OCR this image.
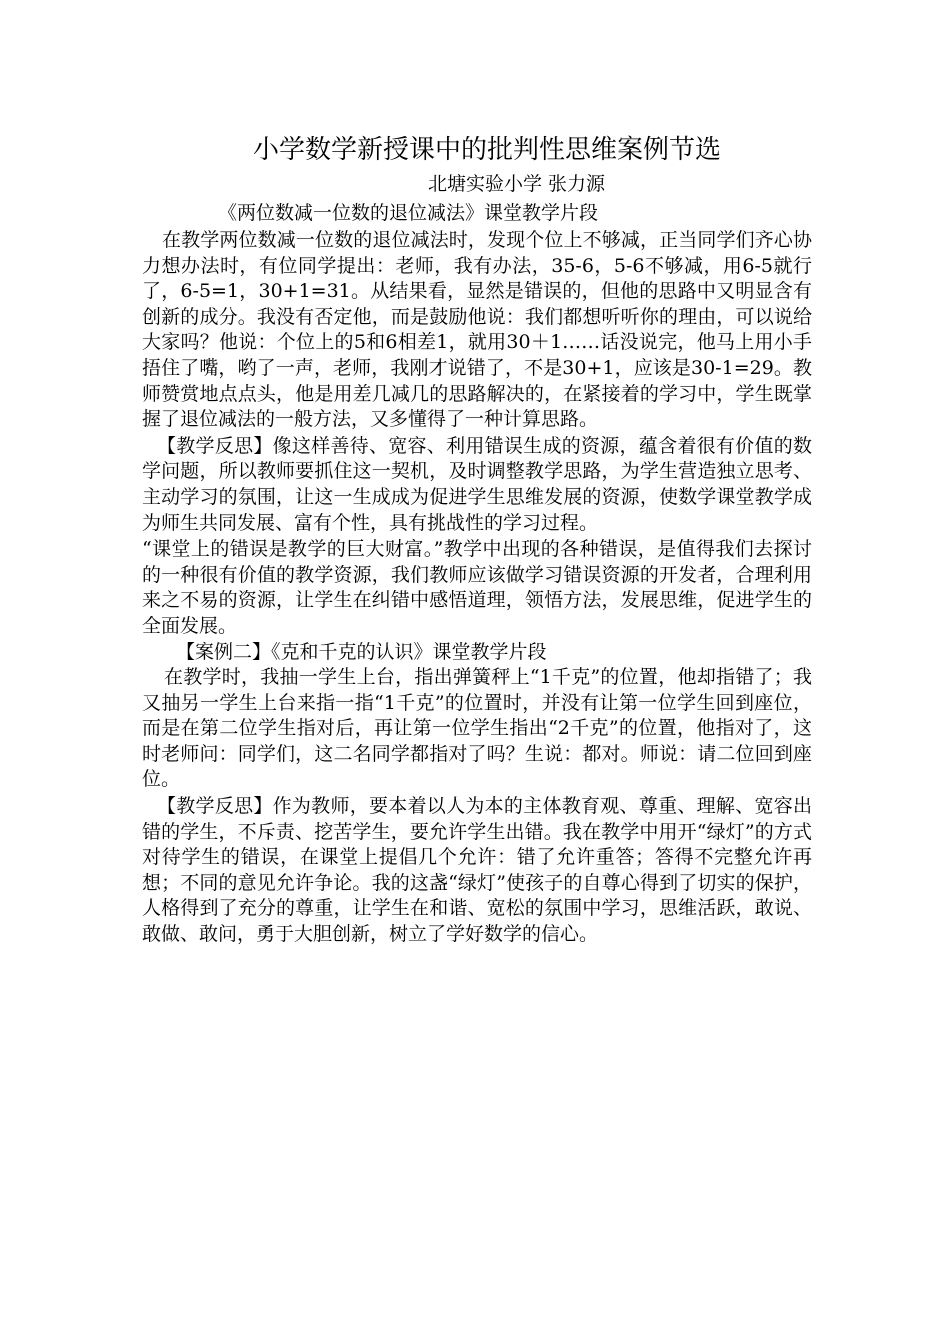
小学数学新授课中的批判性思维案例节选

北塘实验小学 张力源

《两位数减一位数的退位减法》课堂教学片段

在教学两位数减一位数的退位减法时，发现个位上不够减，正当同学们齐心协力想办法时，有位同学提出：老师，我有办法，35-6，5-6不够减，用6-5就行了，6-5=1，30+1=31。从结果看，显然是错误的，但他的思路中又明显含有创新的成分。我没有否定他，而是鼓励他说：我们都想听听你的理由，可以说给大家吗？他说：个位上的5和6相差1，就用30＋1……话没说完，他马上用小手捂住了嘴，哟了一声，老师，我刚才说错了，不是30+1，应该是30-1=29。教师赞赏地点点头，他是用差几减几的思路解决的，在紧接着的学习中，学生既掌握了退位减法的一般方法，又多懂得了一种计算思路。

【教学反思】像这样善待、宽容、利用错误生成的资源，蕴含着很有价值的数学问题，所以教师要抓住这一契机，及时调整教学思路，为学生营造独立思考、主动学习的氛围，让这一生成成为促进学生思维发展的资源，使数学课堂教学成为师生共同发展、富有个性，具有挑战性的学习过程。

“课堂上的错误是教学的巨大财富。”教学中出现的各种错误，是值得我们去探讨的一种很有价值的教学资源，我们教师应该做学习错误资源的开发者，合理利用来之不易的资源，让学生在纠错中感悟道理，领悟方法，发展思维，促进学生的全面发展。

【案例二】《克和千克的认识》课堂教学片段

在教学时，我抽一学生上台，指出弹簧秤上“1千克”的位置，他却指错了；我又抽另一学生上台来指一指“1千克”的位置时，并没有让第一位学生回到座位，而是在第二位学生指对后，再让第一位学生指出“2千克”的位置，他指对了，这时老师问：同学们，这二名同学都指对了吗？生说：都对。师说：请二位回到座位。

【教学反思】作为教师，要本着以人为本的主体教育观、尊重、理解、宽容出错的学生，不斥责、挖苦学生，要允许学生出错。我在教学中用开“绿灯”的方式对待学生的错误，在课堂上提倡几个允许：错了允许重答；答得不完整允许再想；不同的意见允许争论。我的这盏“绿灯”使孩子的自尊心得到了切实的保护，人格得到了充分的尊重，让学生在和谐、宽松的氛围中学习，思维活跃，敢说、敢做、敢问，勇于大胆创新，树立了学好数学的信心。
